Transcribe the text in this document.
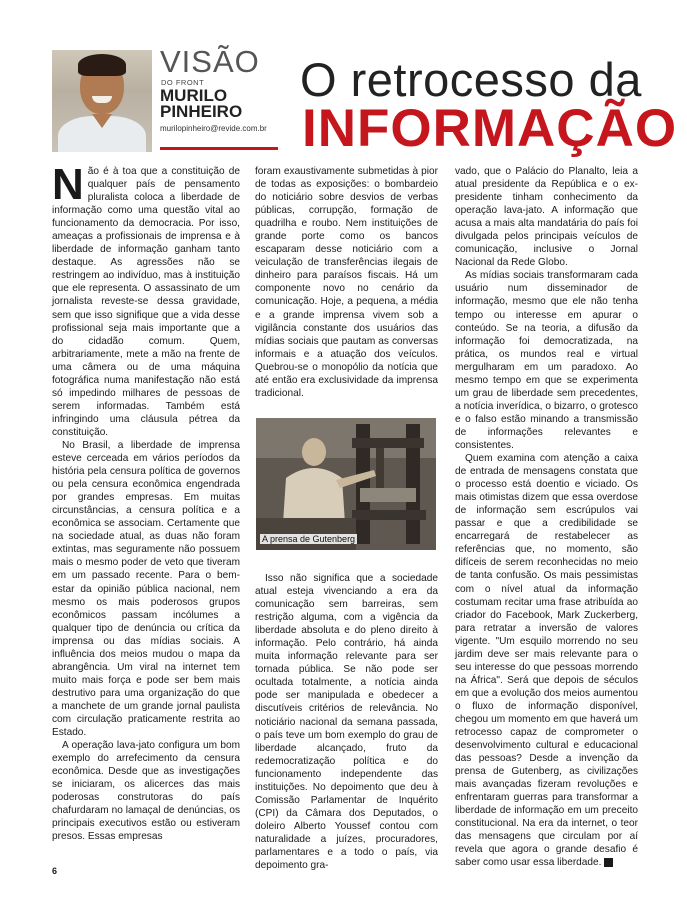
VISÃO
DO FRONT
MURILO
PINHEIRO
murilopinheiro@revide.com.br
O retrocesso da
INFORMAÇÃO

Não é à toa que a constituição de qualquer país de pensamento pluralista coloca a liberdade de informação como uma questão vital ao funcionamento da democracia. Por isso, ameaças a profissionais de imprensa e à liberdade de informação ganham tanto destaque. As agressões não se restringem ao indivíduo, mas à instituição que ele representa. O assassinato de um jornalista reveste-se dessa gravidade, sem que isso signifique que a vida desse profissional seja mais importante que a do cidadão comum. Quem, arbitrariamente, mete a mão na frente de uma câmera ou de uma máquina fotográfica numa manifestação não está só impedindo milhares de pessoas de serem informadas. Também está infringindo uma cláusula pétrea da constituição.

No Brasil, a liberdade de imprensa esteve cerceada em vários períodos da história pela censura política de governos ou pela censura econômica engendrada por grandes empresas. Em muitas circunstâncias, a censura política e a econômica se associam. Certamente que na sociedade atual, as duas não foram extintas, mas seguramente não possuem mais o mesmo poder de veto que tiveram em um passado recente. Para o bem-estar da opinião pública nacional, nem mesmo os mais poderosos grupos econômicos passam incólumes a qualquer tipo de denúncia ou crítica da imprensa ou das mídias sociais. A influência dos meios mudou o mapa da abrangência. Um viral na internet tem muito mais força e pode ser bem mais destrutivo para uma organização do que a manchete de um grande jornal paulista com circulação praticamente restrita ao Estado.

A operação lava-jato configura um bom exemplo do arrefecimento da censura econômica. Desde que as investigações se iniciaram, os alicerces das mais poderosas construtoras do país chafurdaram no lamaçal de denúncias, os principais executivos estão ou estiveram presos. Essas empresas

foram exaustivamente submetidas à pior de todas as exposições: o bombardeio do noticiário sobre desvios de verbas públicas, corrupção, formação de quadrilha e roubo. Nem instituições de grande porte como os bancos escaparam desse noticiário com a veiculação de transferências ilegais de dinheiro para paraísos fiscais. Há um componente novo no cenário da comunicação. Hoje, a pequena, a média e a grande imprensa vivem sob a vigilância constante dos usuários das mídias sociais que pautam as conversas informais e a atuação dos veículos. Quebrou-se o monopólio da notícia que até então era exclusividade da imprensa tradicional.

A prensa de Gutenberg

Isso não significa que a sociedade atual esteja vivenciando a era da comunicação sem barreiras, sem restrição alguma, com a vigência da liberdade absoluta e do pleno direito à informação. Pelo contrário, há ainda muita informação relevante para ser tornada pública. Se não pode ser ocultada totalmente, a notícia ainda pode ser manipulada e obedecer a discutíveis critérios de relevância. No noticiário nacional da semana passada, o país teve um bom exemplo do grau de liberdade alcançado, fruto da redemocratização política e do funcionamento independente das instituições. No depoimento que deu à Comissão Parlamentar de Inquérito (CPI) da Câmara dos Deputados, o doleiro Alberto Youssef contou com naturalidade a juízes, procuradores, parlamentares e a todo o país, via depoimento gra-

vado, que o Palácio do Planalto, leia a atual presidente da República e o ex-presidente tinham conhecimento da operação lava-jato. A informação que acusa a mais alta mandatária do país foi divulgada pelos principais veículos de comunicação, inclusive o Jornal Nacional da Rede Globo.

As mídias sociais transformaram cada usuário num disseminador de informação, mesmo que ele não tenha tempo ou interesse em apurar o conteúdo. Se na teoria, a difusão da informação foi democratizada, na prática, os mundos real e virtual mergulharam em um paradoxo. Ao mesmo tempo em que se experimenta um grau de liberdade sem precedentes, a notícia inverídica, o bizarro, o grotesco e o falso estão minando a transmissão de informações relevantes e consistentes.

Quem examina com atenção a caixa de entrada de mensagens constata que o processo está doentio e viciado. Os mais otimistas dizem que essa overdose de informação sem escrúpulos vai passar e que a credibilidade se encarregará de restabelecer as referências que, no momento, são difíceis de serem reconhecidas no meio de tanta confusão. Os mais pessimistas com o nível atual da informação costumam recitar uma frase atribuída ao criador do Facebook, Mark Zuckerberg, para retratar a inversão de valores vigente. "Um esquilo morrendo no seu jardim deve ser mais relevante para o seu interesse do que pessoas morrendo na África". Será que depois de séculos em que a evolução dos meios aumentou o fluxo de informação disponível, chegou um momento em que haverá um retrocesso capaz de comprometer o desenvolvimento cultural e educacional das pessoas? Desde a invenção da prensa de Gutenberg, as civilizações mais avançadas fizeram revoluções e enfrentaram guerras para transformar a liberdade de informação em um preceito constitucional. Na era da internet, o teor das mensagens que circulam por aí revela que agora o grande desafio é saber como usar essa liberdade.

6
